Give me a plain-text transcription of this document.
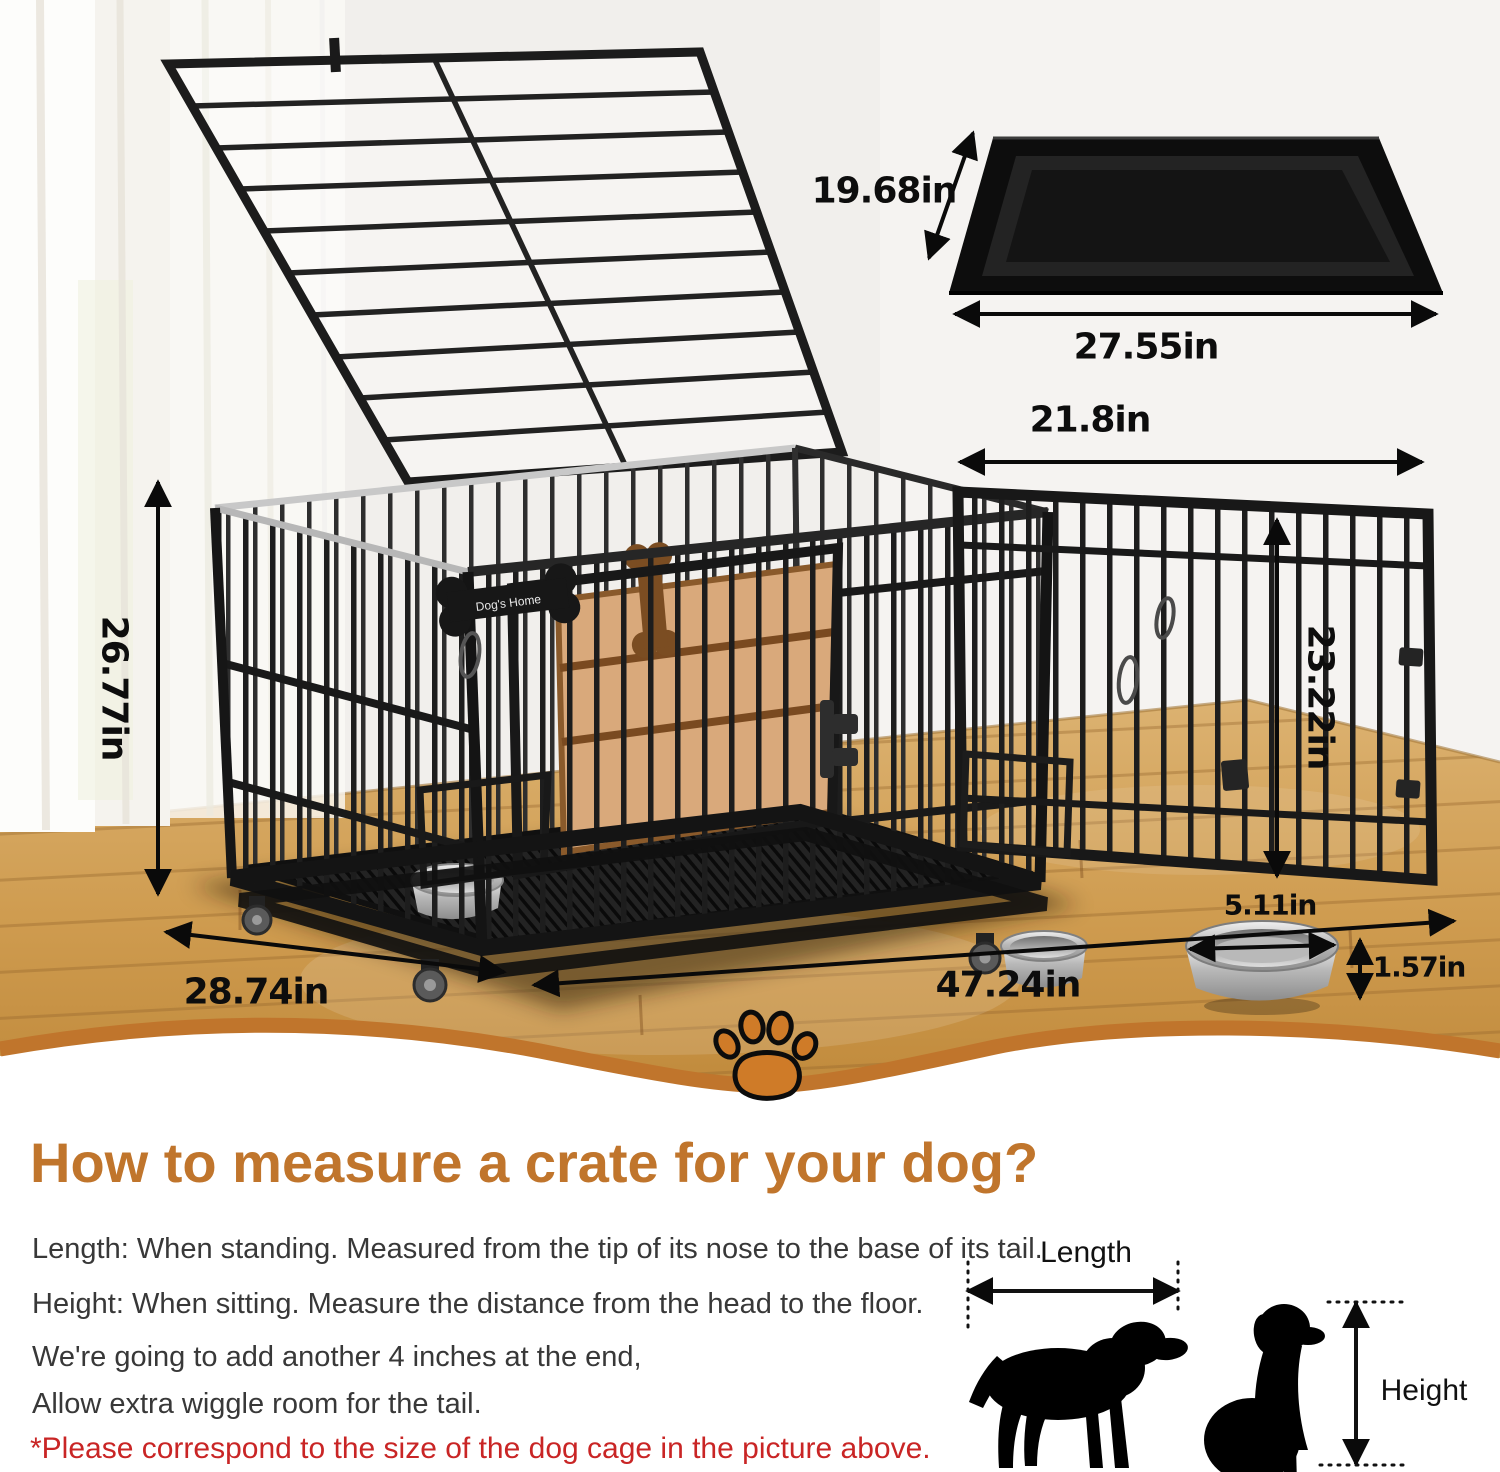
Dog's Home
26.77in
28.74in	47.24in
21.8in
23.22in
19.68in
27.55in
5.11in
1.57in
How to measure a crate for your dog?
Length: When standing. Measured from the tip of its nose to the base of its tail.
Height: When sitting. Measure the distance from the head to the floor.
We're going to add another 4 inches at the end,
Allow extra wiggle room for the tail.
*Please correspond to the size of the dog cage in the picture above.
Length
Height
